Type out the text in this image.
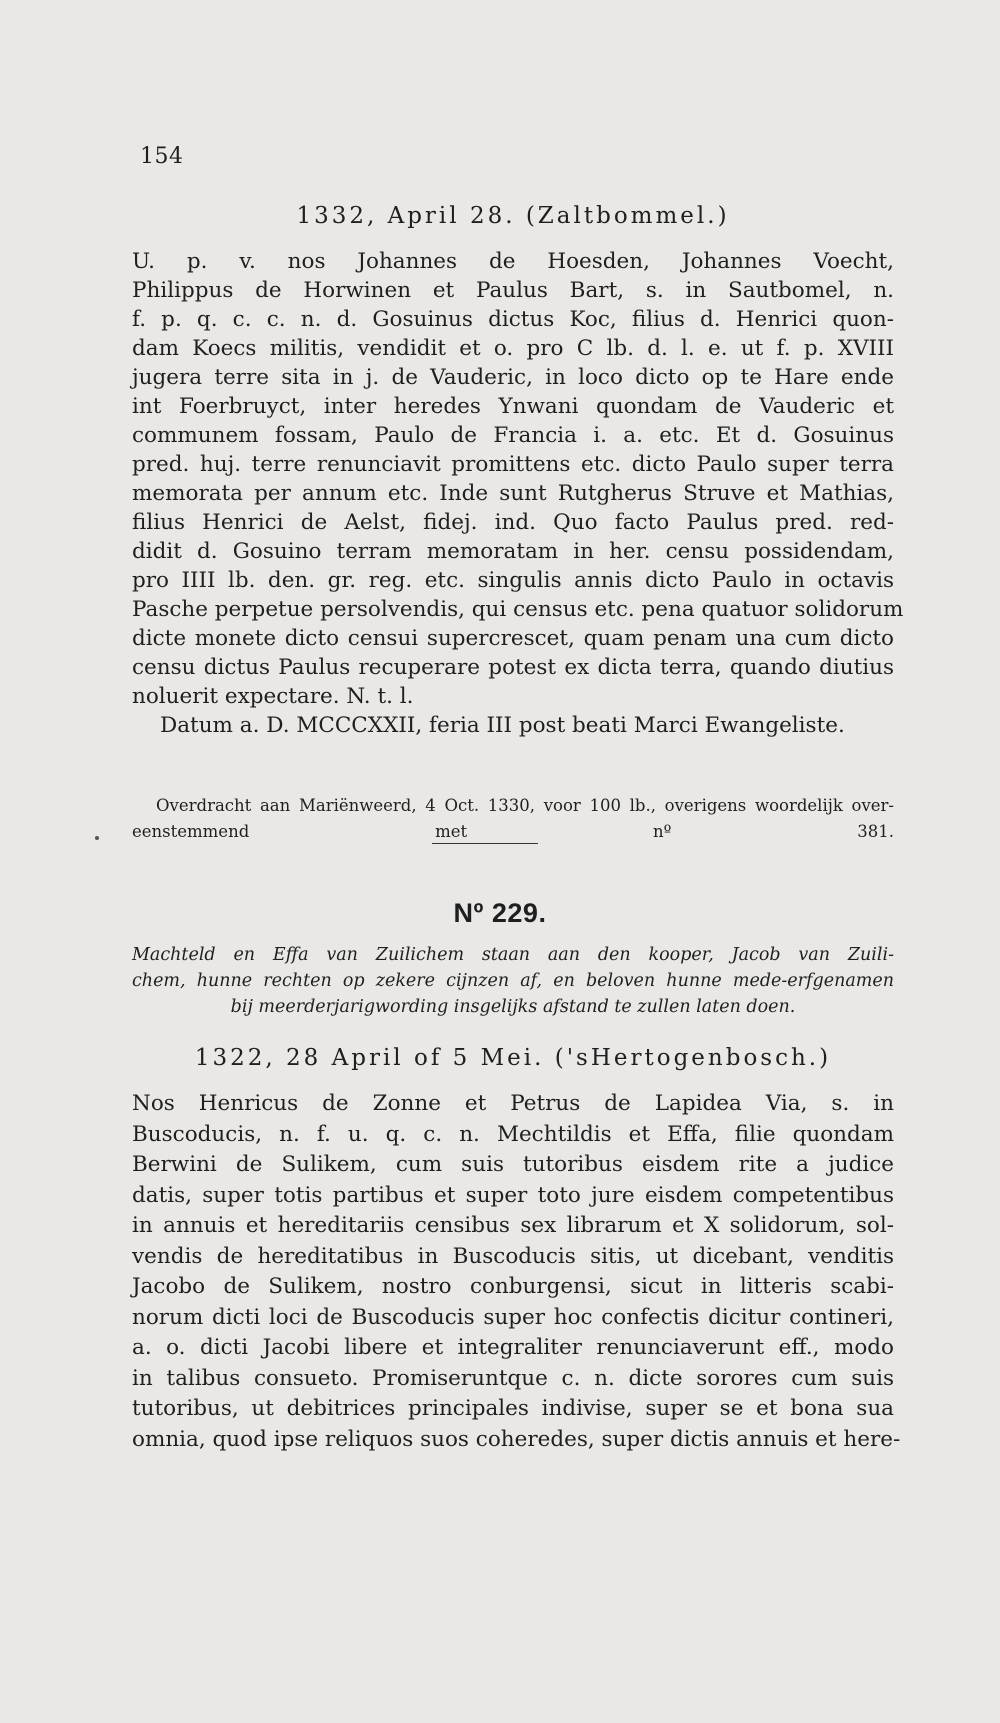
154
1332, April 28. (Zaltbommel.)
U. p. v. nos Johannes de Hoesden, Johannes Voecht,
Philippus de Horwinen et Paulus Bart, s. in Sautbomel, n.
f. p. q. c. c. n. d. Gosuinus dictus Koc, filius d. Henrici quon-
dam Koecs militis, vendidit et o. pro C lb. d. l. e. ut f. p. XVIII
jugera terre sita in j. de Vauderic, in loco dicto op te Hare ende
int Foerbruyct, inter heredes Ynwani quondam de Vauderic et
communem fossam, Paulo de Francia i. a. etc. Et d. Gosuinus
pred. huj. terre renunciavit promittens etc. dicto Paulo super terra
memorata per annum etc. Inde sunt Rutgherus Struve et Mathias,
filius Henrici de Aelst, fidej. ind. Quo facto Paulus pred. red-
didit d. Gosuino terram memoratam in her. censu possidendam,
pro IIII lb. den. gr. reg. etc. singulis annis dicto Paulo in octavis
Pasche perpetue persolvendis, qui census etc. pena quatuor solidorum
dicte monete dicto censui supercrescet, quam penam una cum dicto
censu dictus Paulus recuperare potest ex dicta terra, quando diutius
noluerit expectare. N. t. l.
Datum a. D. MCCCXXII, feria III post beati Marci Ewangeliste.
Overdracht aan Mariënweerd, 4 Oct. 1330, voor 100 lb., overigens woordelijk over-
eenstemmend met nº 381.
Nº 229.
Machteld en Effa van Zuilichem staan aan den kooper, Jacob van Zuili-
chem, hunne rechten op zekere cijnzen af, en beloven hunne mede-erfgenamen
bij meerderjarigwording insgelijks afstand te zullen laten doen.
1322, 28 April of 5 Mei. ('sHertogenbosch.)
Nos Henricus de Zonne et Petrus de Lapidea Via, s. in
Buscoducis, n. f. u. q. c. n. Mechtildis et Effa, filie quondam
Berwini de Sulikem, cum suis tutoribus eisdem rite a judice
datis, super totis partibus et super toto jure eisdem competentibus
in annuis et hereditariis censibus sex librarum et X solidorum, sol-
vendis de hereditatibus in Buscoducis sitis, ut dicebant, venditis
Jacobo de Sulikem, nostro conburgensi, sicut in litteris scabi-
norum dicti loci de Buscoducis super hoc confectis dicitur contineri,
a. o. dicti Jacobi libere et integraliter renunciaverunt eff., modo
in talibus consueto. Promiseruntque c. n. dicte sorores cum suis
tutoribus, ut debitrices principales indivise, super se et bona sua
omnia, quod ipse reliquos suos coheredes, super dictis annuis et here-
